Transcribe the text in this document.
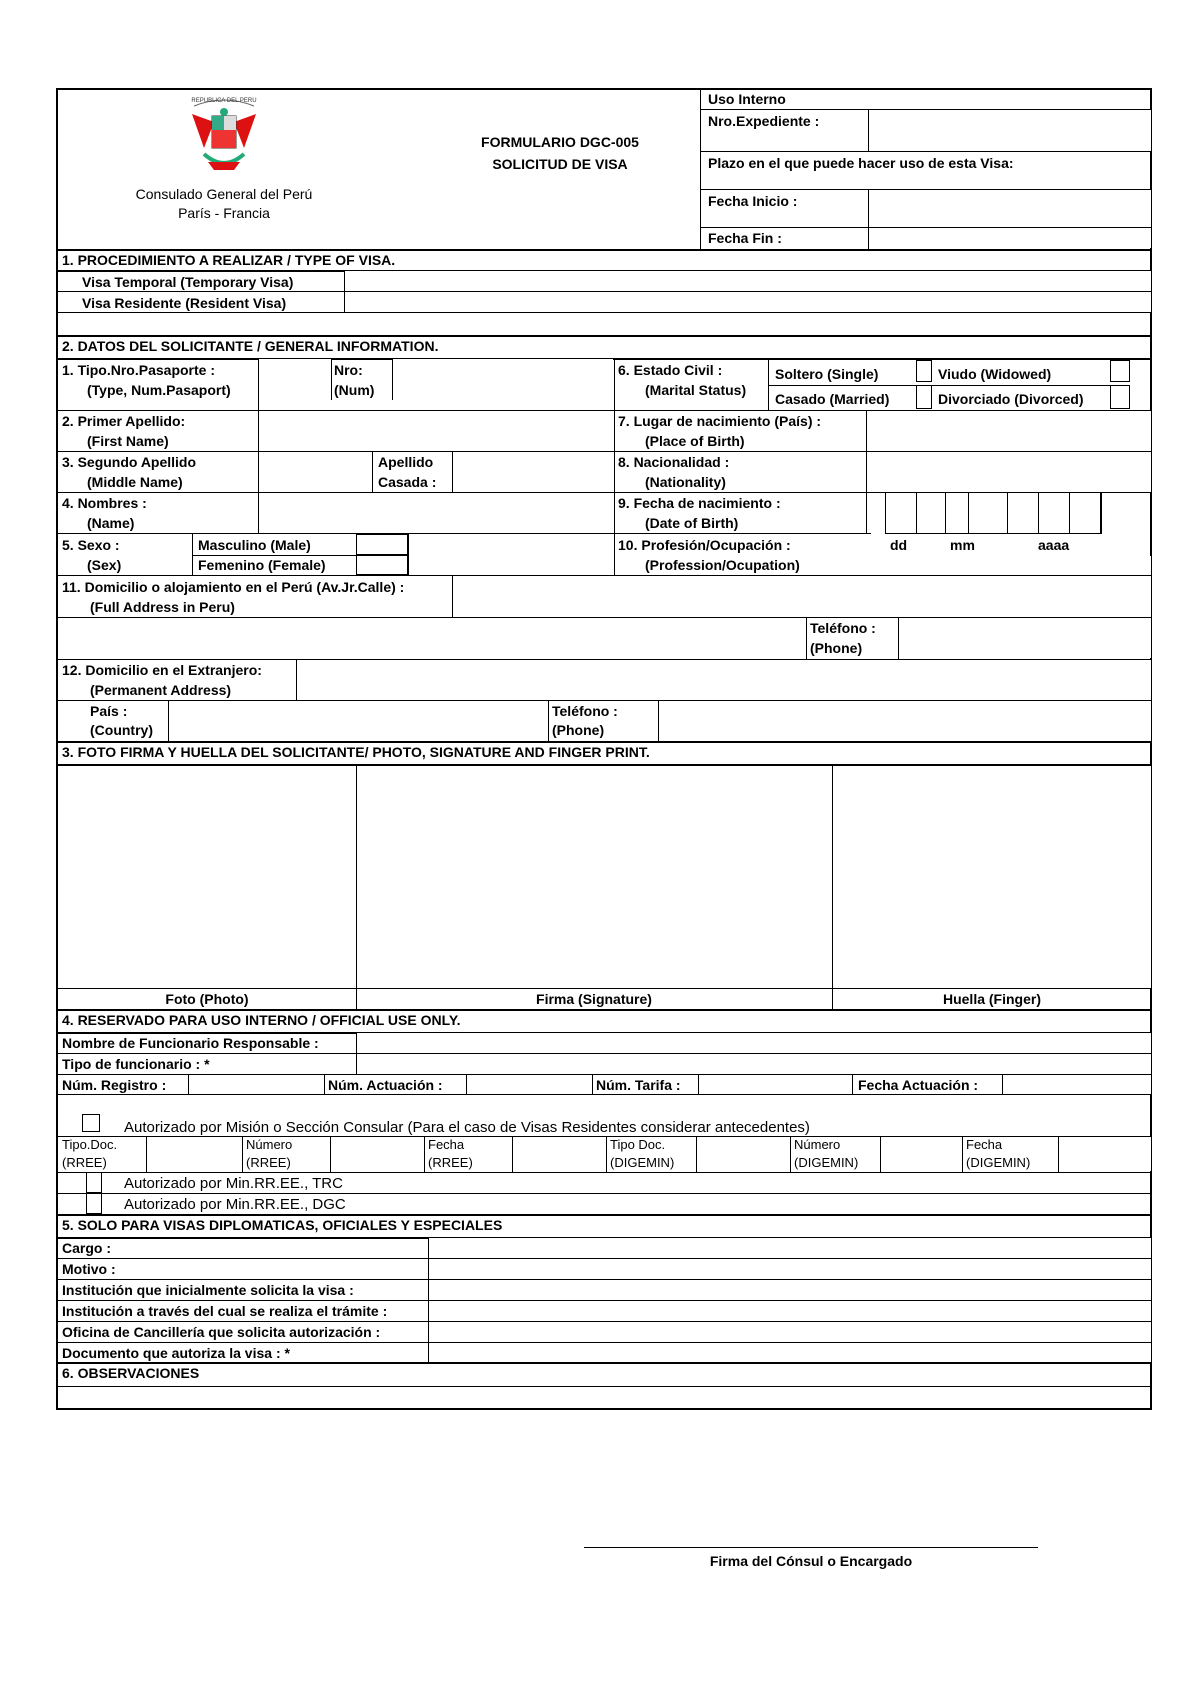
REPUBLICA DEL PERU
Consulado General del Perú
París - Francia
FORMULARIO DGC-005
SOLICITUD DE VISA
Uso Interno
Nro.Expediente :
Plazo en el que puede hacer uso de esta Visa:
Fecha Inicio :
Fecha Fin :
1. PROCEDIMIENTO A REALIZAR / TYPE OF VISA.
Visa Temporal (Temporary Visa)
Visa Residente (Resident Visa)
2. DATOS DEL SOLICITANTE / GENERAL INFORMATION.
1. Tipo.Nro.Pasaporte :
(Type, Num.Pasaport)
Nro:
(Num)
6. Estado Civil :
(Marital Status)
Soltero (Single)	Viudo (Widowed)
Casado (Married)	Divorciado (Divorced)
2. Primer Apellido:
(First Name)
7. Lugar de nacimiento (País) :
(Place of Birth)
3. Segundo Apellido
(Middle Name)
Apellido
Casada :
8. Nacionalidad :
(Nationality)
4. Nombres :
(Name)
9. Fecha de nacimiento :
(Date of Birth)
5. Sexo :
(Sex)
Masculino (Male)
Femenino (Female)
10. Profesión/Ocupación :
(Profession/Ocupation)
dd	mm	aaaa
11. Domicilio o alojamiento en el Perú (Av.Jr.Calle) :
(Full Address in Peru)
Teléfono :
(Phone)
12. Domicilio en el Extranjero:
(Permanent Address)
País :
(Country)
Teléfono :
(Phone)
3. FOTO FIRMA Y HUELLA DEL SOLICITANTE/ PHOTO, SIGNATURE AND FINGER PRINT.
Foto (Photo)	Firma (Signature)	Huella (Finger)
4. RESERVADO PARA USO INTERNO / OFFICIAL USE ONLY.
Nombre de Funcionario Responsable :
Tipo de funcionario : *
Núm. Registro :	Núm. Actuación :	Núm. Tarifa :	Fecha Actuación :
Autorizado por Misión o Sección Consular (Para el caso de Visas Residentes considerar antecedentes)
Tipo.Doc.
(RREE)
Número
(RREE)
Fecha
(RREE)
Tipo Doc.
(DIGEMIN)
Número
(DIGEMIN)
Fecha
(DIGEMIN)
Autorizado por Min.RR.EE., TRC
Autorizado por Min.RR.EE., DGC
5. SOLO PARA VISAS DIPLOMATICAS, OFICIALES Y ESPECIALES
Cargo :
Motivo :
Institución que inicialmente solicita la visa :
Institución a través del cual se realiza el trámite :
Oficina de Cancillería que solicita autorización :
Documento que autoriza la visa : *
6. OBSERVACIONES
Firma del Cónsul o Encargado
